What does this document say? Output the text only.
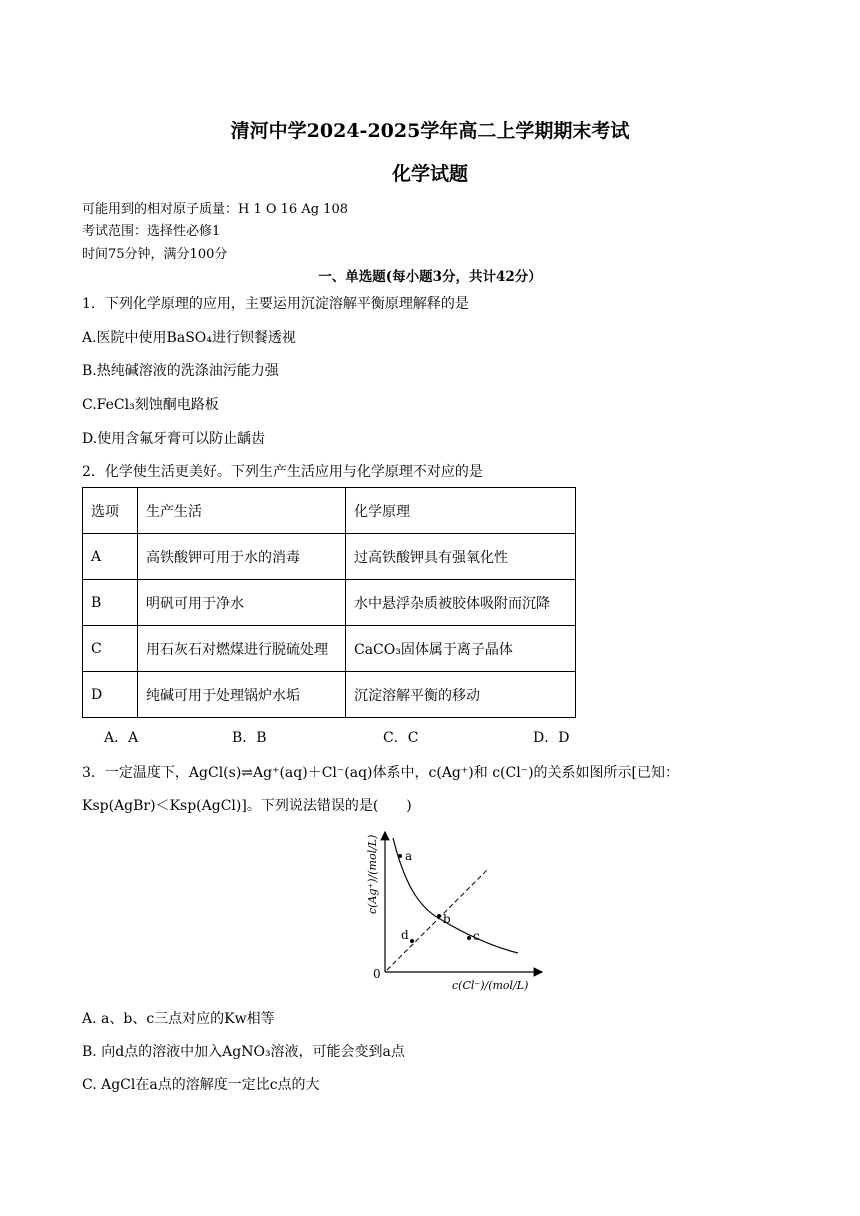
清河中学2024-2025学年高二上学期期末考试
化学试题
可能用到的相对原子质量：H 1 O 16 Ag 108
考试范围：选择性必修1
时间75分钟，满分100分
一、单选题(每小题3分，共计42分）
1．下列化学原理的应用，主要运用沉淀溶解平衡原理解释的是
A.医院中使用BaSO₄进行钡餐透视
B.热纯碱溶液的洗涤油污能力强
C.FeCl₃刻蚀酮电路板
D.使用含氟牙膏可以防止龋齿
2．化学使生活更美好。下列生产生活应用与化学原理不对应的是
选项	生产生活	化学原理
A	高铁酸钾可用于水的消毒	过高铁酸钾具有强氧化性
B	明矾可用于净水	水中悬浮杂质被胶体吸附而沉降
C	用石灰石对燃煤进行脱硫处理	CaCO₃固体属于离子晶体
D	纯碱可用于处理锅炉水垢	沉淀溶解平衡的移动
A．A	B．B	C．C	D．D
3．一定温度下，AgCl(s)⇌Ag⁺(aq)＋Cl⁻(aq)体系中，c(Ag⁺)和 c(Cl⁻)的关系如图所示[已知：
Ksp(AgBr)＜Ksp(AgCl)]。下列说法错误的是(　　)
a
b
c
d
0
c(Ag⁺)/(mol/L)
c(Cl⁻)/(mol/L)
A. a、b、c三点对应的Kw相等
B. 向d点的溶液中加入AgNO₃溶液，可能会变到a点
C. AgCl在a点的溶解度一定比c点的大
